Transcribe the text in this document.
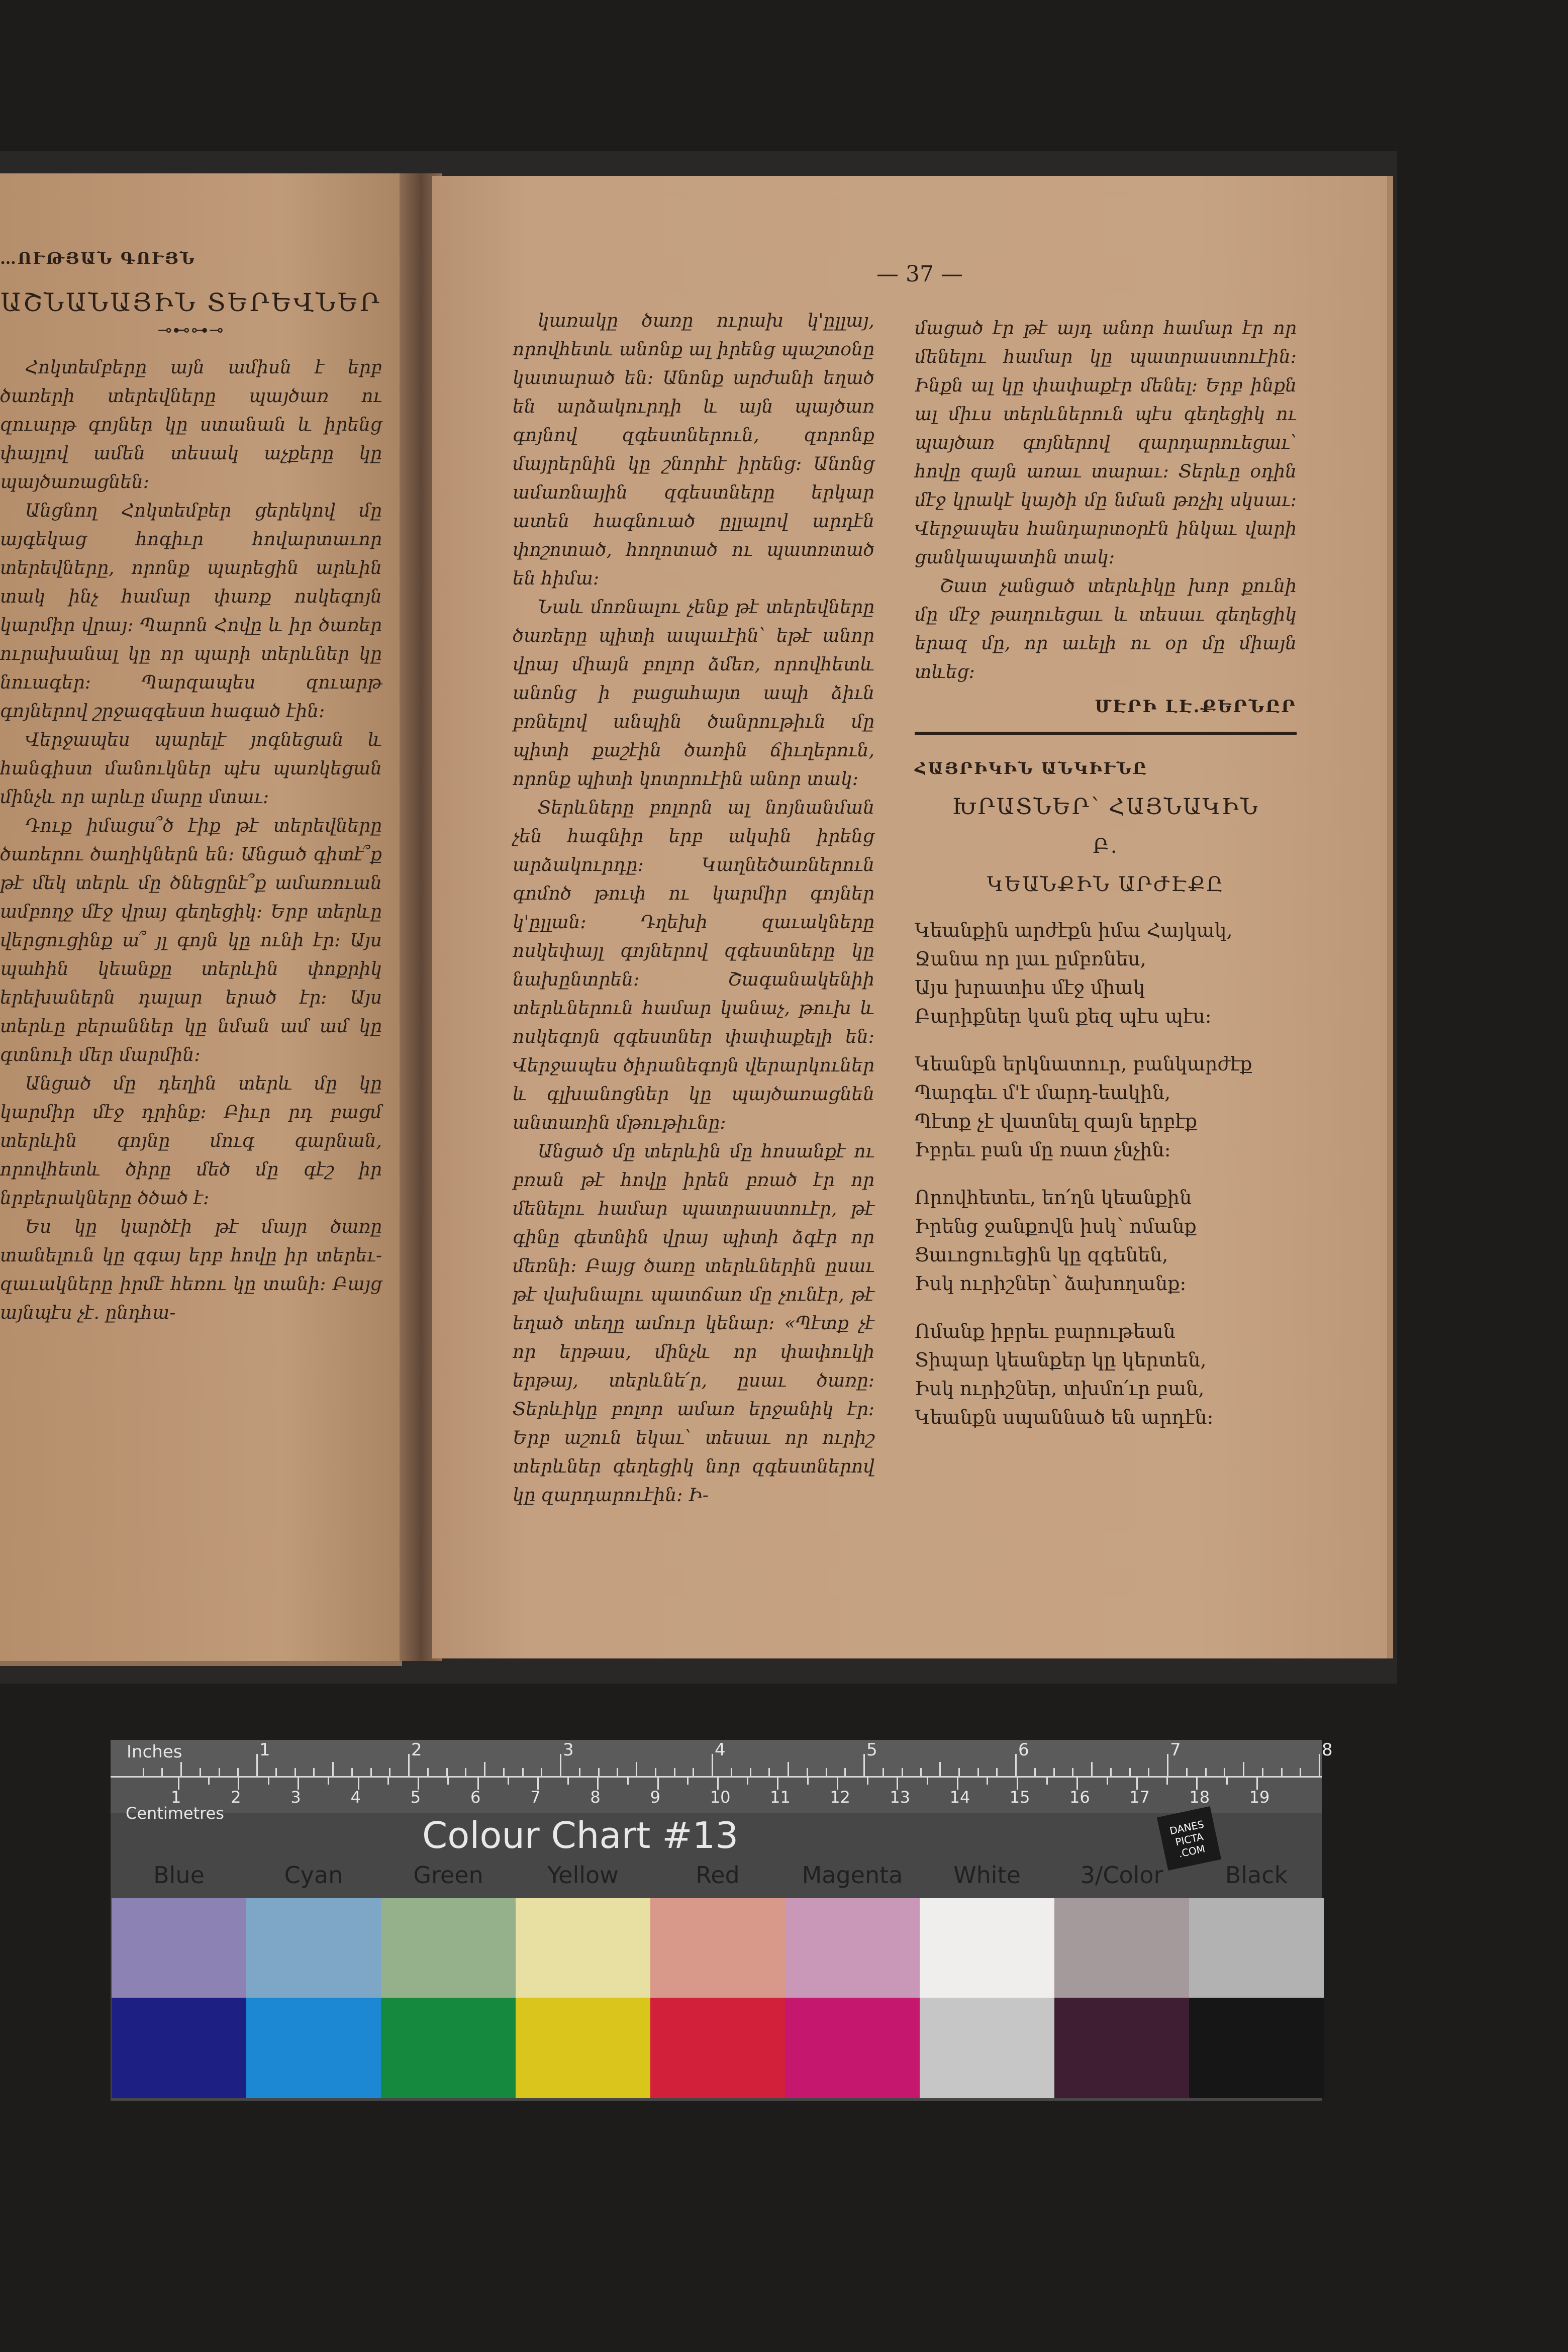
…ՈՒԹՅԱՆ ԳՈՒՅՆ
ԱՇՆԱՆԱՅԻՆ ՏԵՐԵՎՆԵՐ
⊸⊷⊶⊸

Հոկտեմբերը այն ամիսն է երբ ծառերի տերեվները պայծառ ու զուարթ գոյներ կը ստանան և իրենց փայլով ամեն տեսակ աչքերը կը պայծառացնեն։

Անցնող Հոկտեմբեր ցերեկով մը այգեկաց հոգիւր հովարտաւոր տերեվները, որոնք պարեցին արևին տակ ինչ համար փառք ոսկեգոյն կարմիր վրայ։ Պարոն Հովը և իր ծառեր ուրախանալ կը որ պարի տերևներ կը նուագեր։ Պարզապես զուարթ գոյներով շրջազգեստ հագած էին։

Վերջապես պարելէ յոգնեցան և հանգիստ մանուկներ պէս պառկեցան մինչև որ արևը մարը մտաւ։

Դուք իմացա՞ծ էիք թէ տերեվները ծառերու ծաղիկներն են։ Անցած գիտէ՞ք թէ մեկ տերև մը ծնեցընէ՞ք ամառուան ամբողջ մէջ վրայ գեղեցիկ։ Երբ տերևը վերցուցինք ա՞ յլ գոյն կը ունի էր։ Այս պահին կեանքը տերևին փոքրիկ երեխաներն դալար երած էր։ Այս տերևը բերաններ կը նման ամ ամ կը գտնուի մեր մարմին։

Անցած մը դեղին տերև մը կը կարմիր մէջ դրինք։ Բիւր րդ բացմ տերևին գոյնը մուգ գարնան, որովհետև ծիրը մեծ մը գէշ իր նրբերակները ծծած է։

Ես կը կարծէի թէ մայր ծառը տանելուն կը զգայ երբ հովը իր տերեւ-զաւակները իրմէ հեռու կը տանի։ Բայց այնպէս չէ. ընդհա-

— 37 —

կառակը ծառը ուրախ կ'ըլլայ, որովհետև անոնք ալ իրենց պաշտօնը կատարած են։ Անոնք արժանի եղած են արձակուրդի և այն պայծառ գոյնով զգեստներուն, զորոնք մայրերնին կը շնորհէ իրենց։ Անոնց ամառնային զգեստները երկար ատեն հագնուած ըլլալով արդէն փոշոտած, հողոտած ու պատռտած են հիմա։

Նաև մոռնալու չենք թէ տերեվները ծառերը պիտի ապաւէին՝ եթէ անոր վրայ միայն բոլոր ձմեռ, որովհետև անոնց ի բացահայտ ապի ձիւն բռնելով անպին ծանրութիւն մը պիտի քաշէին ծառին ճիւղերուն, որոնք պիտի կոտրուէին անոր տակ։

Տերևները բոլորն ալ նոյնանման չեն հագնիր երբ ակսին իրենց արձակուրդը։ Կաղնեծառներուն գոմոծ թուփ ու կարմիր գոյներ կ'ըլլան։ Դղեխի զաւակները ոսկեփայլ գոյներով զգեստները կը նախընտրեն։ Շագանակենիի տերևներուն համար կանաչ, թուխ և ոսկեգոյն զգեստներ փափաքելի են։ Վերջապես ծիրանեգոյն վերարկուներ և գլխանոցներ կը պայծառացնեն անտառին մթութիւնը։

Անցած մը տերևին մը հոսանքէ ու բռան թէ հովը իրեն բռած էր որ մենելու համար պատրաստուէր, թէ գինը գետնին վրայ պիտի ձգէր որ մեռնի։ Բայց ծառը տերևներին ըսաւ թէ վախնալու պատճառ մը չունէր, թէ եղած տեղը ամուր կենար։ «Պէտք չէ որ երթաս, մինչև որ փափուկի երթայ, տերևնե՛ր, ըսաւ ծառը։ Տերևիկը բոլոր ամառ երջանիկ էր։ Երբ աշուն եկաւ՝ տեսաւ որ ուրիշ տերևներ գեղեցիկ նոր զգեստներով կը զարդարուէին։ Ի-

մացած էր թէ այդ անոր համար էր որ մենելու համար կը պատրաստուէին։ Ինքն ալ կը փափաքէր մենել։ Երբ ինքն ալ միւս տերևներուն պէս գեղեցիկ ու պայծառ գոյներով զարդարուեցաւ՝ հովը զայն առաւ տարաւ։ Տերևը օդին մէջ կրակէ կայծի մը նման թռչիլ սկսաւ։ Վերջապես հանդարտօրէն ինկաւ վարի ցանկապատին տակ։

Շատ չանցած տերևիկը խոր քունի մը մէջ թաղուեցաւ և տեսաւ գեղեցիկ երազ մը, որ աւելի ու օր մը միայն տևեց։

ՄԷՐԻ ԼԷ.ՔԵՐՆԸՐ
ՀԱՅՐԻԿԻՆ ԱՆԿԻՒՆԸ
ԽՐԱՏՆԵՐ՝ ՀԱՅՆԱԿԻՆ
Բ.
ԿԵԱՆՔԻՆ ԱՐԺԷՔԸ

Կեանքին արժէքն իմա Հայկակ,

Ջանա որ լաւ ըմբռնես,

Այս խրատիս մէջ միակ

Բարիքներ կան քեզ պէս պէս։

Կեանքն երկնատուր, բանկարժէք

Պարգեւ մ'է մարդ-եակին,

Պէտք չէ վատնել զայն երբէք

Իբրեւ բան մը ռատ չնչին։

Որովհետեւ, եո՛ղն կեանքին

Իրենց ջանքովն իսկ՝ ոմանք

Ցաւոցուեցին կը զգենեն,

Իսկ ուրիշներ՝ ձախողանք։

Ոմանք իբրեւ բարութեան

Տիպար կեանքեր կը կերտեն,

Իսկ ուրիշներ, տխմո՛ւր բան,

Կեանքն սպաննած են արդէն։

Inches	1	2	3	4	5	6	7	8
1	2	3	4	5	6	7	8	9	10 11 12 13 14 15 16 17 18 19
Centimetres
Colour Chart #13	DANES PICTA .COM
Blue	Cyan	Green	Yellow	Red	Magenta	White	3/Color	Black
